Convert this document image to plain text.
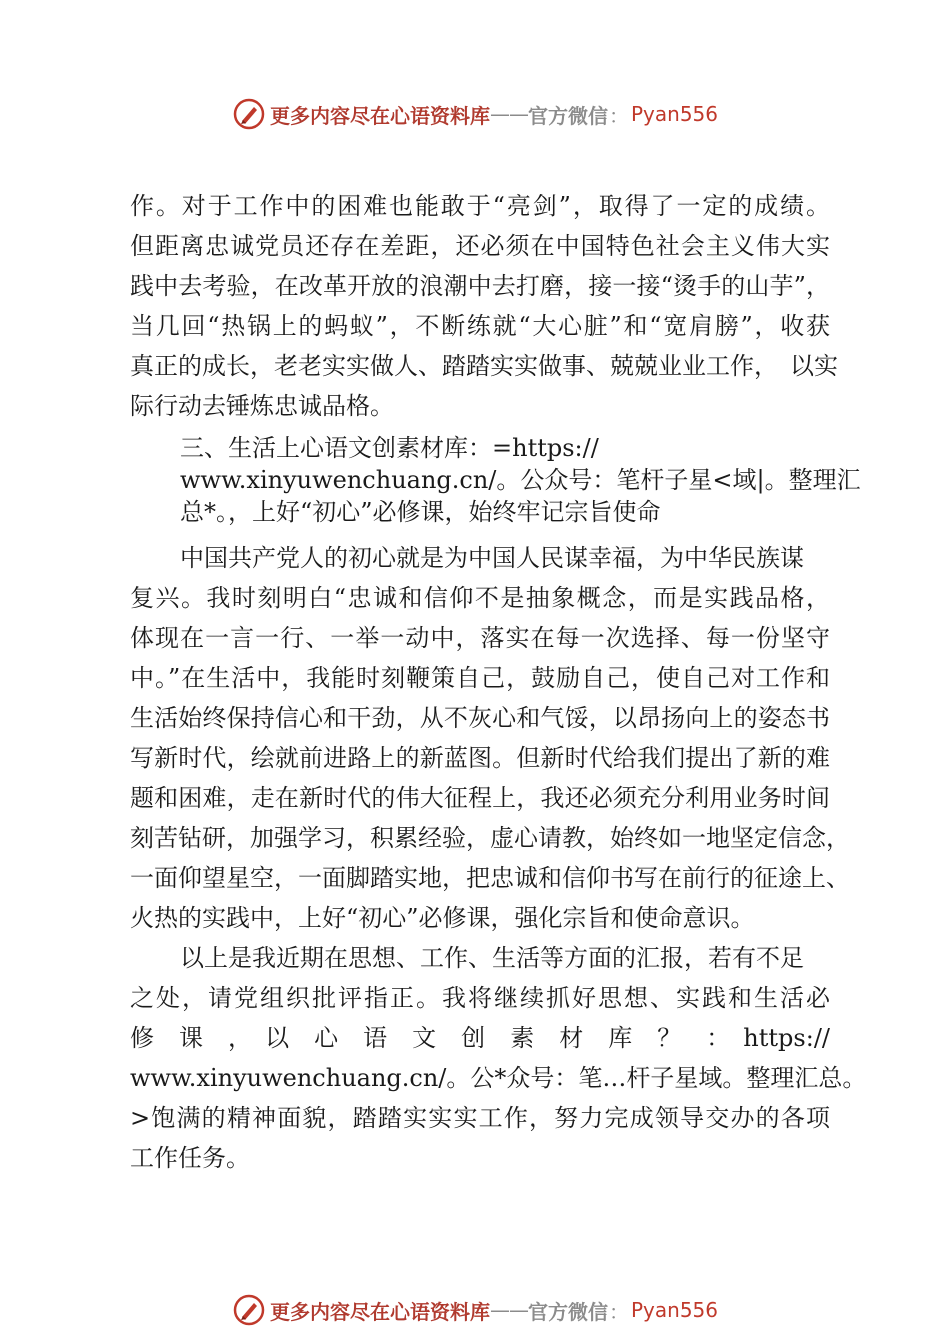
更多内容尽在心语资料库 —— 官方微信 ： Pyan556
作。对于工作中的困难也能敢于“亮剑”，取得了一定的成绩。
但距离忠诚党员还存在差距，还必须在中国特色社会主义伟大实
践中去考验，在改革开放的浪潮中去打磨，接一接“烫手的山芋”，
当几回“热锅上的蚂蚁”，不断练就“大心脏”和“宽肩膀”，收获
真正的成长，老老实实做人、踏踏实实做事、兢兢业业工作，　以实
际行动去锤炼忠诚品格。
三、生活上心语文创素材库：=https://
www.xinyuwenchuang.cn/。公众号：笔杆子星<域|。整理汇
总*。，上好“初心”必修课，始终牢记宗旨使命
中国共产党人的初心就是为中国人民谋幸福，为中华民族谋
复兴。我时刻明白“忠诚和信仰不是抽象概念，而是实践品格，
体现在一言一行、一举一动中，落实在每一次选择、每一份坚守
中。”在生活中，我能时刻鞭策自己，鼓励自己，使自己对工作和
生活始终保持信心和干劲，从不灰心和气馁，以昂扬向上的姿态书
写新时代，绘就前进路上的新蓝图。但新时代给我们提出了新的难
题和困难，走在新时代的伟大征程上，我还必须充分利用业务时间
刻苦钻研，加强学习，积累经验，虚心请教，始终如一地坚定信念，
一面仰望星空，一面脚踏实地，把忠诚和信仰书写在前行的征途上、
火热的实践中，上好“初心”必修课，强化宗旨和使命意识。
以上是我近期在思想、工作、生活等方面的汇报，若有不足
之处，请党组织批评指正。我将继续抓好思想、实践和生活必
修　课　，　以　心　语　文　创　素　材　库　？　：　https://
www.xinyuwenchuang.cn/。公*众号：笔…杆子星域。整理汇总。
>饱满的精神面貌，踏踏实实实工作，努力完成领导交办的各项
工作任务。
更多内容尽在心语资料库 —— 官方微信 ： Pyan556
